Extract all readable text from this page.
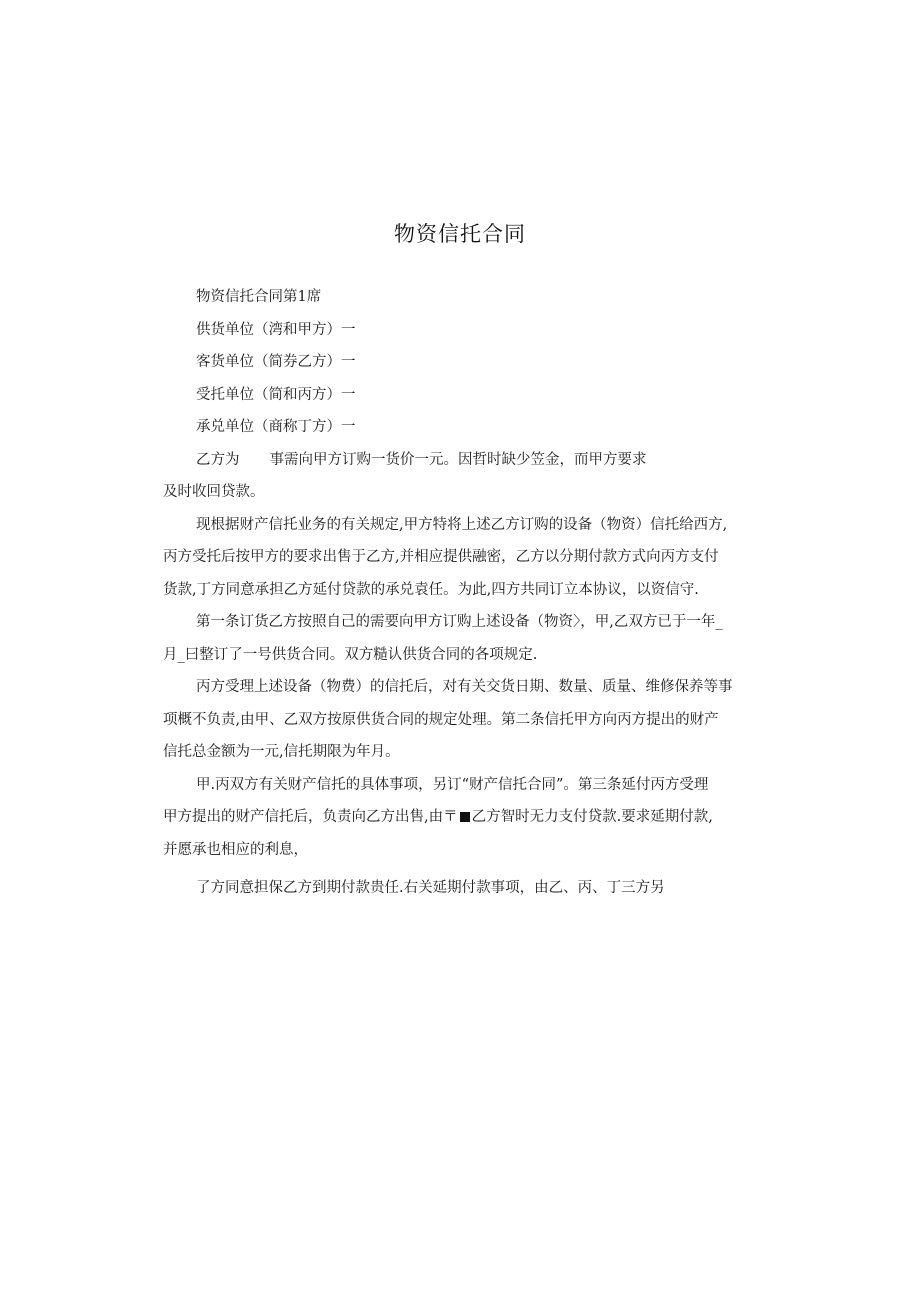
物资信托合同
物资信托合同第1席
供货单位（湾和甲方）一
客货单位（简券乙方）一
受托单位（简和丙方）一
承兑单位（商称丁方）一
乙方为 事需向甲方订购一货价一元。因哲时缺少笠金，而甲方要求
及时收回贷款。
现根据财产信托业务的有关规定,甲方特将上述乙方订购的设备（物资）信托给西方,
丙方受托后按甲方的要求出售于乙方,并相应提供融密，乙方以分期付款方式向丙方支付
货款,丁方同意承担乙方延付贷款的承兑袁任。为此,四方共同订立本协议，以资信守.
第一条订货乙方按照自己的需要向甲方订购上述设备（物资〉，甲,乙双方已于一年_
月_曰整订了一号供货合同。双方糙认供货合同的各项规定.
丙方受理上述设备（物费）的信托后，对有关交货日期、数量、质量、维修保养等事
项概不负责,由甲、乙双方按原供货合同的规定处理。第二条信托甲方向丙方提出的财产
信托总金额为一元,信托期限为年月。
甲.丙双方有关财产信托的具体事项，另订“财产信托合同”。第三条延付丙方受理
甲方提出的财产信托后，负责向乙方出售,由〒 乙方智时无力支付贷款.要求延期付款,
并愿承也相应的利息，
了方同意担保乙方到期付款贵任.右关延期付款事项，由乙、丙、丁三方另
